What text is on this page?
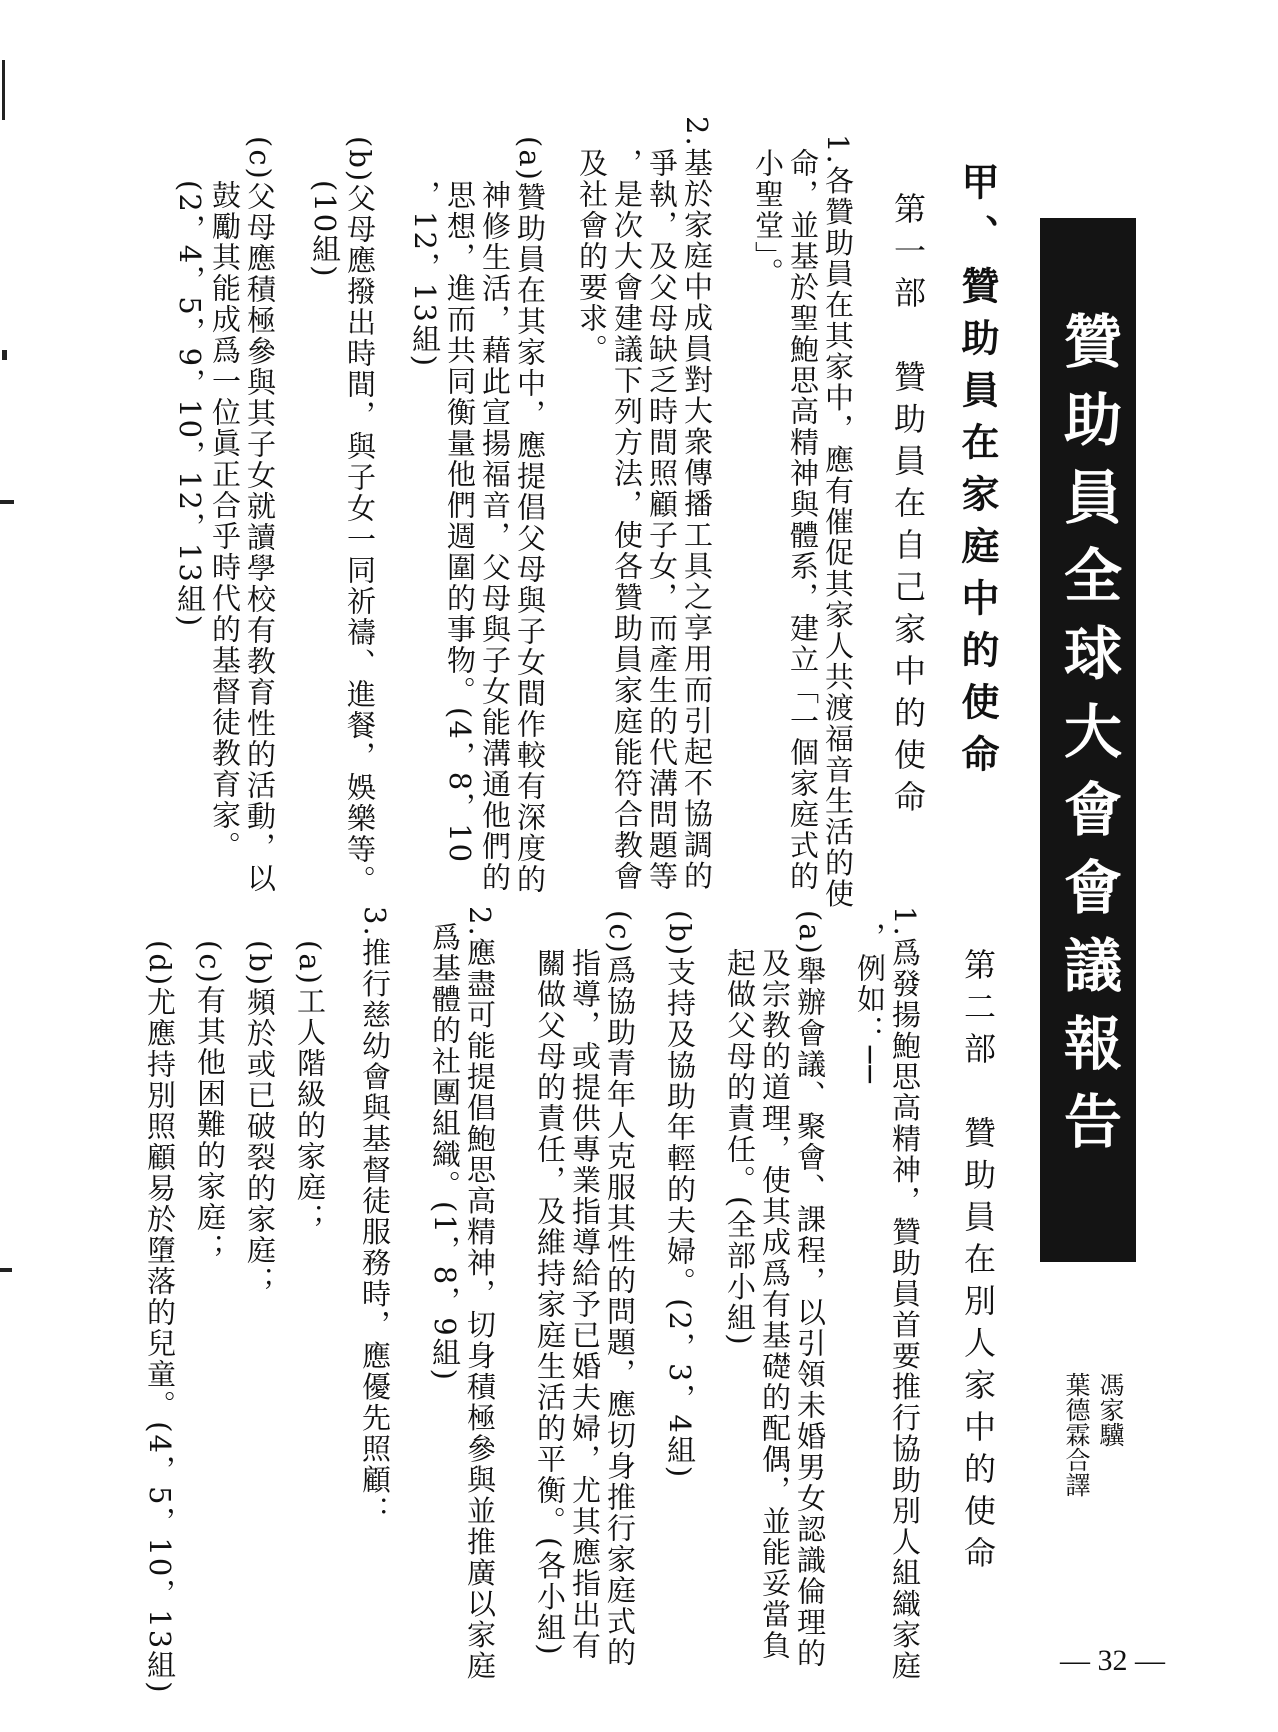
贊助員全球大會會議報告
馮家驥
葉德霖合譯
甲、贊助員在家庭中的使命
第一部　贊助員在自己家中的使命
1.各贊助員在其家中，應有催促其家人共渡福音生活的使
命，並基於聖鮑思高精神與體系，建立「一個家庭式的
小聖堂」。
2.基於家庭中成員對大衆傳播工具之享用而引起不協調的
爭執，及父母缺乏時間照顧子女，而產生的代溝問題等
，是次大會建議下列方法，使各贊助員家庭能符合教會
及社會的要求。
(a)贊助員在其家中，應提倡父母與子女間作較有深度的
神修生活，藉此宣揚福音，父母與子女能溝通他們的
思想，進而共同衡量他們週圍的事物。(4，8，10
，12，13組)
(b)父母應撥出時間，與子女一同祈禱、進餐，娛樂等。
(10組)
(c)父母應積極參與其子女就讀學校有教育性的活動，以
鼓勵其能成爲一位眞正合乎時代的基督徒教育家。
(2，4，5，9，10，12，13組)
第二部　贊助員在別人家中的使命
1.爲發揚鮑思高精神，贊助員首要推行協助別人組織家庭
，例如：──
(a)舉辦會議、聚會、課程，以引領未婚男女認識倫理的
及宗教的道理，使其成爲有基礎的配偶，並能妥當負
起做父母的責任。(全部小組)
(b)支持及協助年輕的夫婦。(2，3，4組)
(c)爲協助青年人克服其性的問題，應切身推行家庭式的
指導，或提供專業指導給予已婚夫婦，尤其應指出有
關做父母的責任，及維持家庭生活的平衡。(各小組)
2.應盡可能提倡鮑思高精神，切身積極參與並推廣以家庭
爲基體的社團組織。(1，8，9組)
3.推行慈幼會與基督徒服務時，應優先照顧：
(a)工人階級的家庭；
(b)頻於或已破裂的家庭；
(c)有其他困難的家庭；
(d)尤應持別照顧易於墮落的兒童。(4，5，10，13組)	— 32 —
